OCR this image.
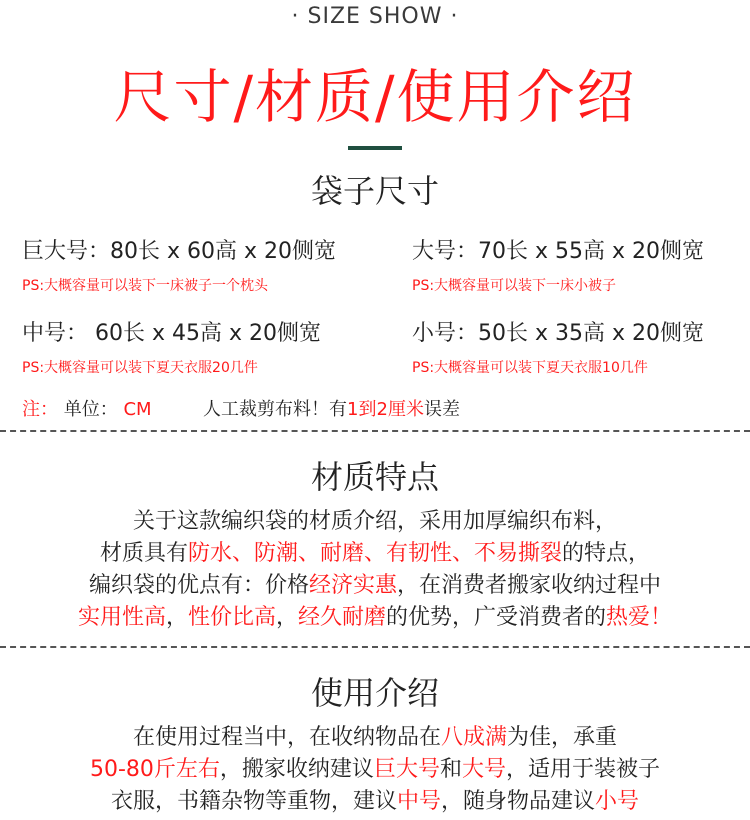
· SIZE SHOW ·
尺寸/材质/使用介绍
袋子尺寸
巨大号：80长 x 60高 x 20侧宽
PS:大概容量可以装下一床被子一个枕头
大号：70长 x 55高 x 20侧宽
PS:大概容量可以装下一床小被子
中号： 60长 x 45高 x 20侧宽
PS:大概容量可以装下夏天衣服20几件
小号：50长 x 35高 x 20侧宽
PS:大概容量可以装下夏天衣服10几件
注： 单位： CM	人工裁剪布料！有1到2厘米误差
材质特点
关于这款编织袋的材质介绍，采用加厚编织布料，
材质具有防水、防潮、耐磨、有韧性、不易撕裂的特点，
编织袋的优点有：价格经济实惠，在消费者搬家收纳过程中
实用性高，性价比高，经久耐磨的优势，广受消费者的热爱！
使用介绍
在使用过程当中，在收纳物品在八成满为佳，承重
50-80斤左右，搬家收纳建议巨大号和大号，适用于装被子
衣服，书籍杂物等重物，建议中号，随身物品建议小号
